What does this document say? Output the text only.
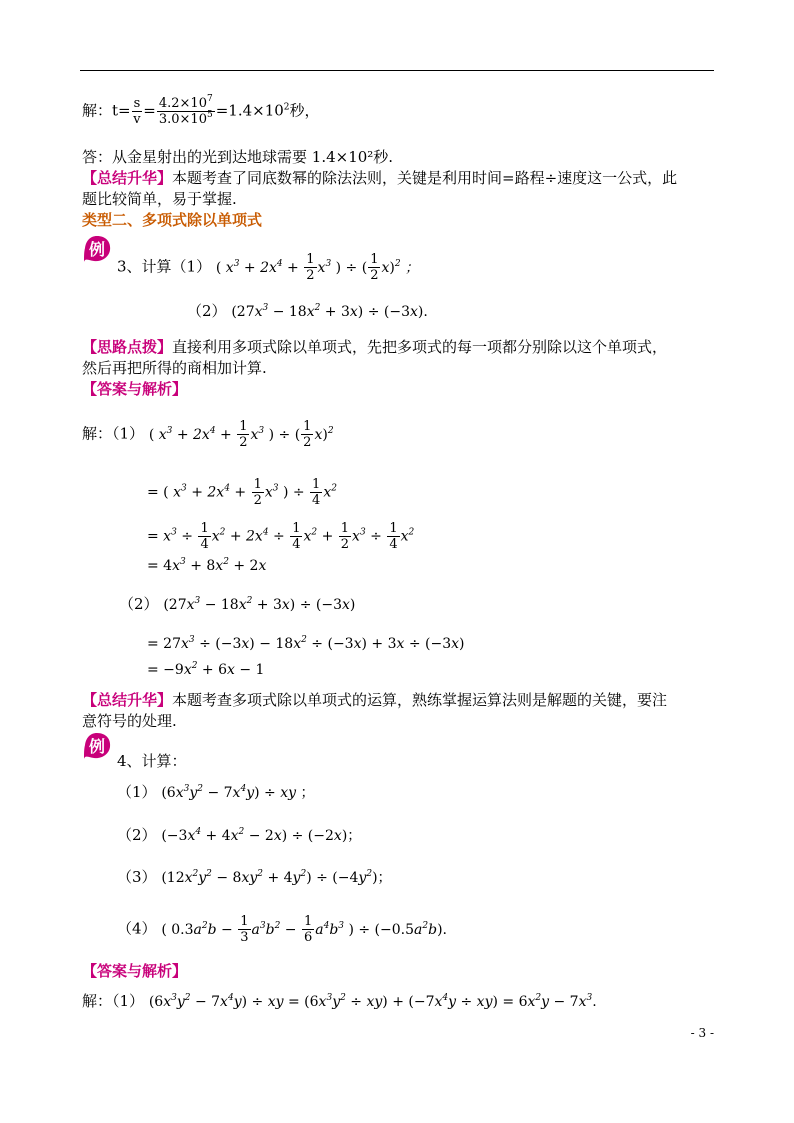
解：$t= \frac{s}{v} = \frac{4.2\times 10^7}{3.0\times 10^5} =1.4\times 10^2$秒，
答：从金星射出的光到达地球需要 1.4×10²秒.
【总结升华】本题考查了同底数幂的除法法则，关键是利用时间=路程÷速度这一公式，此
题比较简单，易于掌握.
类型二、多项式除以单项式
例
3、计算（1） ( $x^3 + 2x^4 + \frac{1}{2} x^3$ ) ÷ ( $\frac{1}{2} x)^2$ ；
（2） $(27x^3 - 18x^2 + 3x) \div (-3x)$.
【思路点拨】直接利用多项式除以单项式，先把多项式的每一项都分别除以这个单项式，
然后再把所得的商相加计算.
【答案与解析】
解：（1） ( $x^3 + 2x^4 + \frac{1}{2} x^3$ ) ÷ ( $\frac{1}{2} x)^2$
= ( $x^3 + 2x^4 + \frac{1}{2} x^3$ ) ÷ $\frac{1}{4} x^2$
= $x^3 \div \frac{1}{4} x^2 + 2x^4 \div \frac{1}{4} x^2 + \frac{1}{2} x^3 \div \frac{1}{4} x^2$
= $4x^3 + 8x^2 + 2x$
（2） $(27x^3 - 18x^2 + 3x) \div (-3x)$
= $27x^3 \div (-3x) - 18x^2 \div (-3x) + 3x \div (-3x)$
= $-9x^2 + 6x - 1$
【总结升华】本题考查多项式除以单项式的运算，熟练掌握运算法则是解题的关键，要注
意符号的处理.
例
4、计算：
（1） $(6x^3y^2 - 7x^4y)$ ÷ xy ；
（2） $(-3x^4 + 4x^2 - 2x) \div (-2x)$；
（3） $(12x^2y^2 - 8xy^2 + 4y^2) \div (-4y^2)$；
（4） ( $0.3a^2b - \frac{1}{3} a^3b^2 - \frac{1}{6} a^4b^3$ ) ÷ $(-0.5a^2b)$.
【答案与解析】
解：（1） $(6x^3y^2 - 7x^4y)$ ÷ xy = $(6x^3y^2 \div xy) + (-7x^4y \div xy) = 6x^2y - 7x^3$.
- 3 -
